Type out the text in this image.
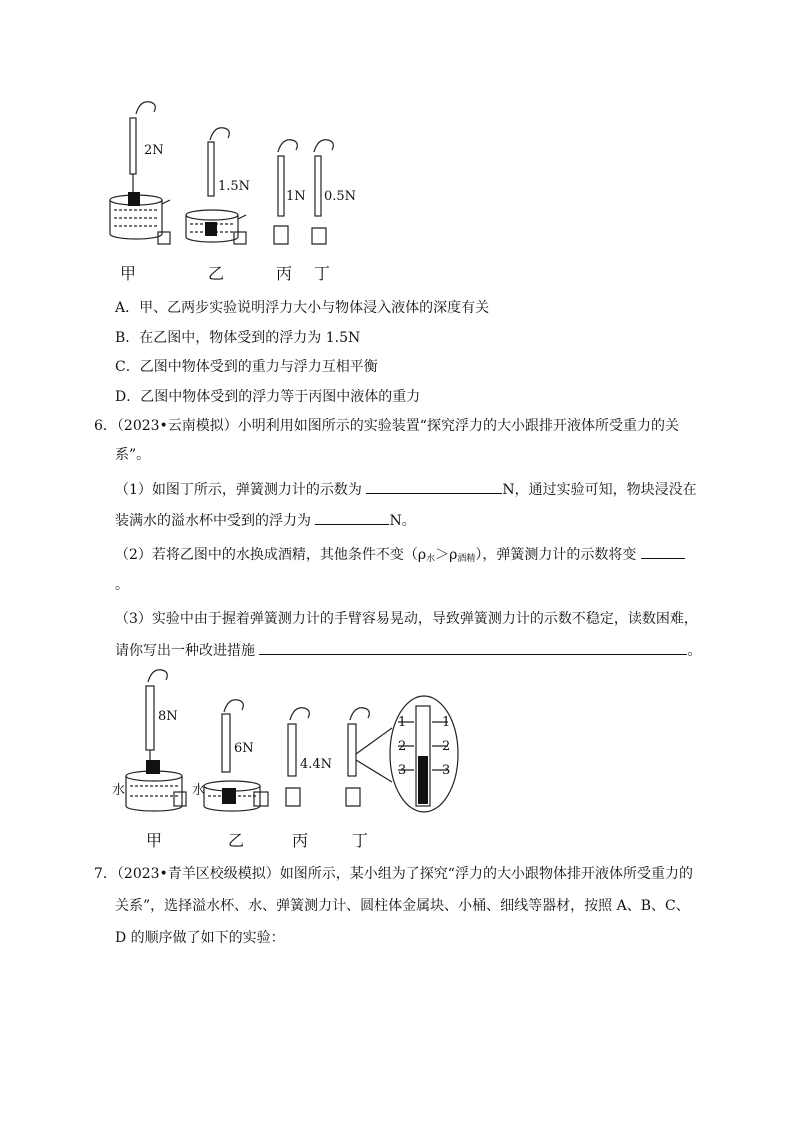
2N
1.5N
1N 0.5N
甲	乙	丙 丁
A．甲、乙两步实验说明浮力大小与物体浸入液体的深度有关
B．在乙图中，物体受到的浮力为 1.5N
C．乙图中物体受到的重力与浮力互相平衡
D．乙图中物体受到的浮力等于丙图中液体的重力
6．（2023•云南模拟）小明利用如图所示的实验装置“探究浮力的大小跟排开液体所受重力的关
系”。
（1）如图丁所示，弹簧测力计的示数为	N，通过实验可知，物块浸没在
装满水的溢水杯中受到的浮力为	N。
（2）若将乙图中的水换成酒精，其他条件不变（ρ水＞ρ酒精），弹簧测力计的示数将变
。
（3）实验中由于握着弹簧测力计的手臂容易晃动，导致弹簧测力计的示数不稳定，读数困难，
请你写出一种改进措施	。
8N
6N
4.4N
水	水
1	1
2	2
3	3
甲	乙	丙	丁
7．（2023•青羊区校级模拟）如图所示，某小组为了探究“浮力的大小跟物体排开液体所受重力的
关系”，选择溢水杯、水、弹簧测力计、圆柱体金属块、小桶、细线等器材，按照 A、B、C、
D 的顺序做了如下的实验：
